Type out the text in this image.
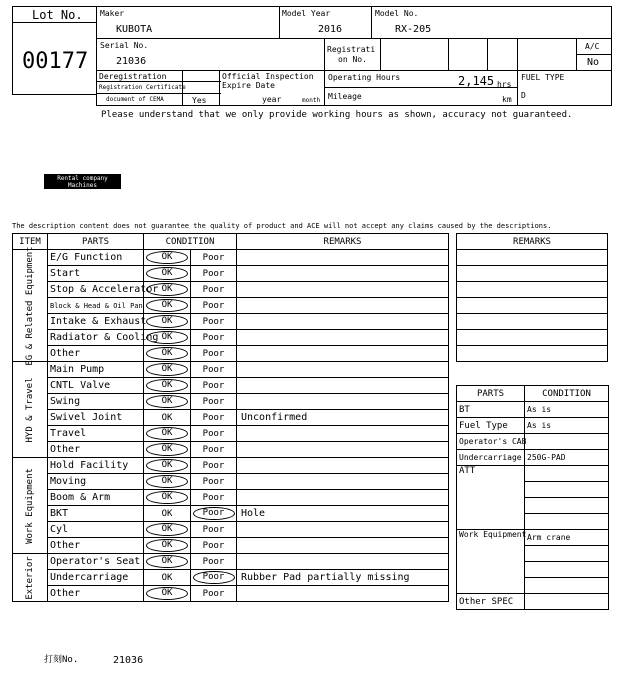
Lot No.
00177
Maker
KUBOTA
Model Year
2016
Model No.
RX-205
Serial No.
21036
Registrati
on No.
A/C
No
Deregistration
Registration Certificate
document of CEMA	Yes
Official Inspection
Expire Date
year	month
Operating Hours	2,145 hrs
Mileage	km
FUEL TYPE
D
Please understand that we only provide working hours as shown, accuracy not guaranteed.
Rental company
Machines
The description content does not guarantee the quality of product and ACE will not accept any claims caused by the descriptions.
ITEM	PARTS	CONDITION		REMARKS

EG & Related Equipment	E/G Function	OK	Poor	
	Start	OK	Poor	
	Stop & Accelerator	OK	Poor	
	Block & Head & Oil Pan	OK	Poor	
	Intake & Exhaust	OK	Poor	
	Radiator & Cooling	OK	Poor	
	Other	OK	Poor	

HYD & Travel	Main Pump	OK	Poor	
	CNTL Valve	OK	Poor	
	Swing	OK	Poor	
	Swivel Joint	OK	Poor	Unconfirmed
	Travel	OK	Poor	
	Other	OK	Poor	

Work Equipment	Hold Facility	OK	Poor	
	Moving	OK	Poor	
	Boom & Arm	OK	Poor	
	BKT	OK	Poor	Hole
	Cyl	OK	Poor	
	Other	OK	Poor	

Exterior	Operator's Seat	OK	Poor	
	Undercarriage	OK	Poor	Rubber Pad partially missing
	Other	OK	Poor	
REMARKS

PARTS	CONDITION
BT	As is
Fuel Type	As is
Operator's CAB	
Undercarriage	250G-PAD
ATT	

Work Equipment	Arm crane

Other SPEC	
打刻No.	21036
